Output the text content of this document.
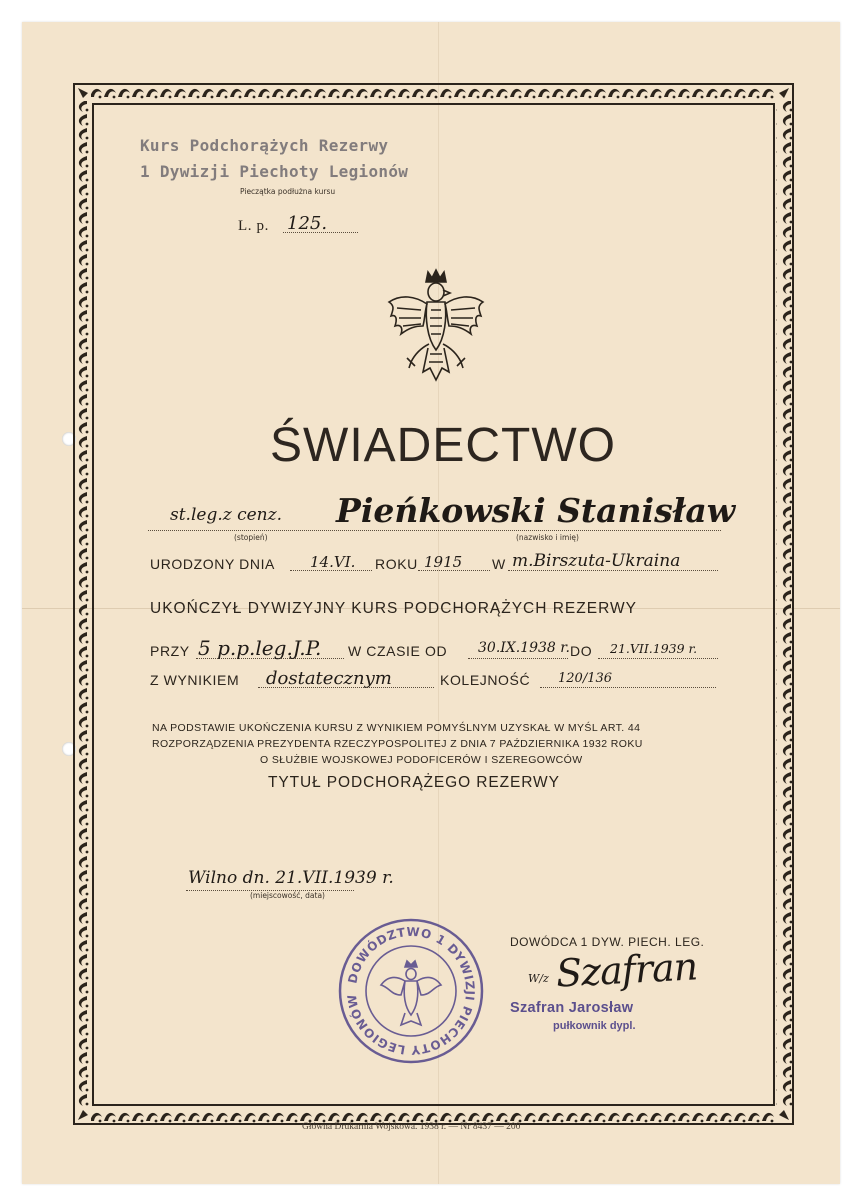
Kurs Podchorążych Rezerwy
1 Dywizji Piechoty Legionów
Pieczątka podłużna kursu
L. p. 125.
ŚWIADECTWO
st.leg.z cenz. Pieńkowski Stanisław
(stopień)	(nazwisko i imię)
URODZONY DNIA 14.VI. ROKU 1915 W m.Birszuta-Ukraina
UKOŃCZYŁ DYWIZYJNY KURS PODCHORĄŻYCH REZERWY
PRZY 5 p.p.leg.J.P. W CZASIE OD 30.IX.1938 r. DO 21.VII.1939 r.
Z WYNIKIEM dostatecznym	KOLEJNOŚĆ 120/136
NA PODSTAWIE UKOŃCZENIA KURSU Z WYNIKIEM POMYŚLNYM UZYSKAŁ W MYŚL ART. 44
ROZPORZĄDZENIA PREZYDENTA RZECZYPOSPOLITEJ Z DNIA 7 PAŹDZIERNIKA 1932 ROKU
O SŁUŻBIE WOJSKOWEJ PODOFICERÓW I SZEREGOWCÓW
TYTUŁ PODCHORĄŻEGO REZERWY
Wilno dn. 21.VII.1939 r.
(miejscowość, data)
DOWÓDZTWO 1 DYWIZJI PIECHOTY LEGIONÓW
DOWÓDCA 1 DYW. PIECH. LEG.
W/z Szafran
Szafran Jarosław
pułkownik dypl.
Główna Drukarnia Wojskowa. 1938 r. — Nr 8437 — 200
